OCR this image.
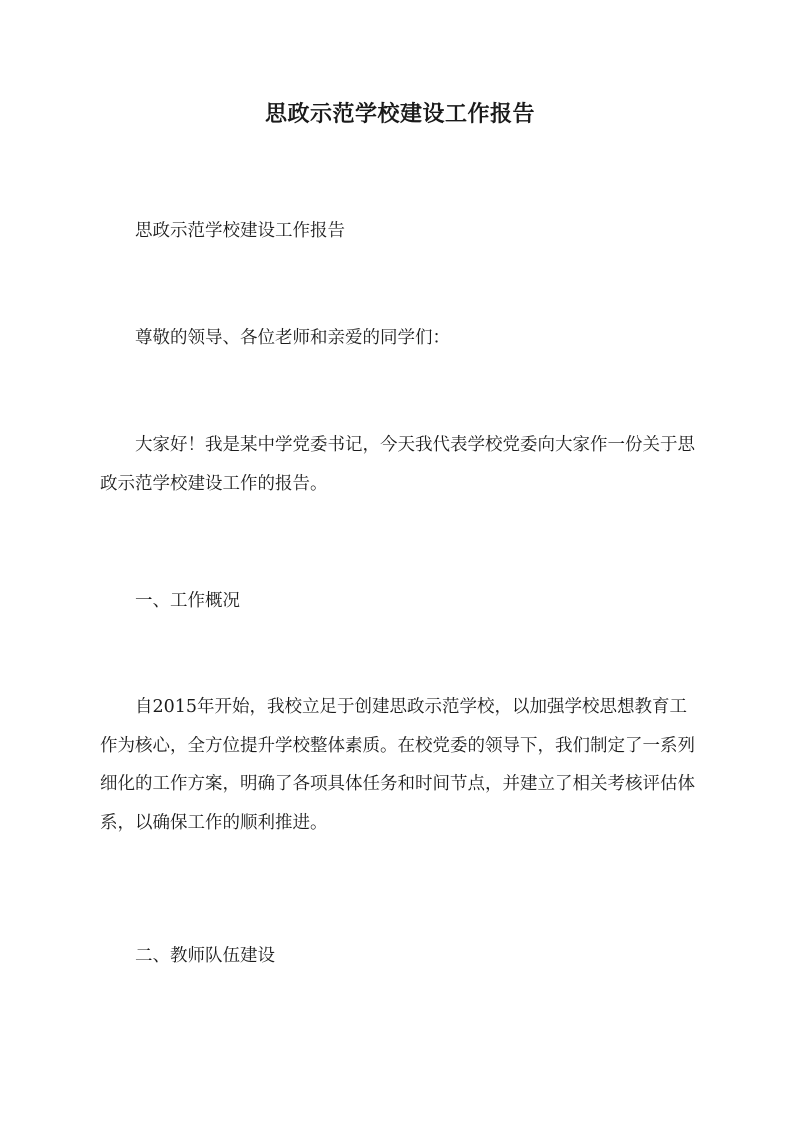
思政示范学校建设工作报告

思政示范学校建设工作报告

尊敬的领导、各位老师和亲爱的同学们：

大家好！我是某中学党委书记，今天我代表学校党委向大家作一份关于思政示范学校建设工作的报告。

一、工作概况

自2015年开始，我校立足于创建思政示范学校，以加强学校思想教育工作为核心，全方位提升学校整体素质。在校党委的领导下，我们制定了一系列细化的工作方案，明确了各项具体任务和时间节点，并建立了相关考核评估体系，以确保工作的顺利推进。

二、教师队伍建设
